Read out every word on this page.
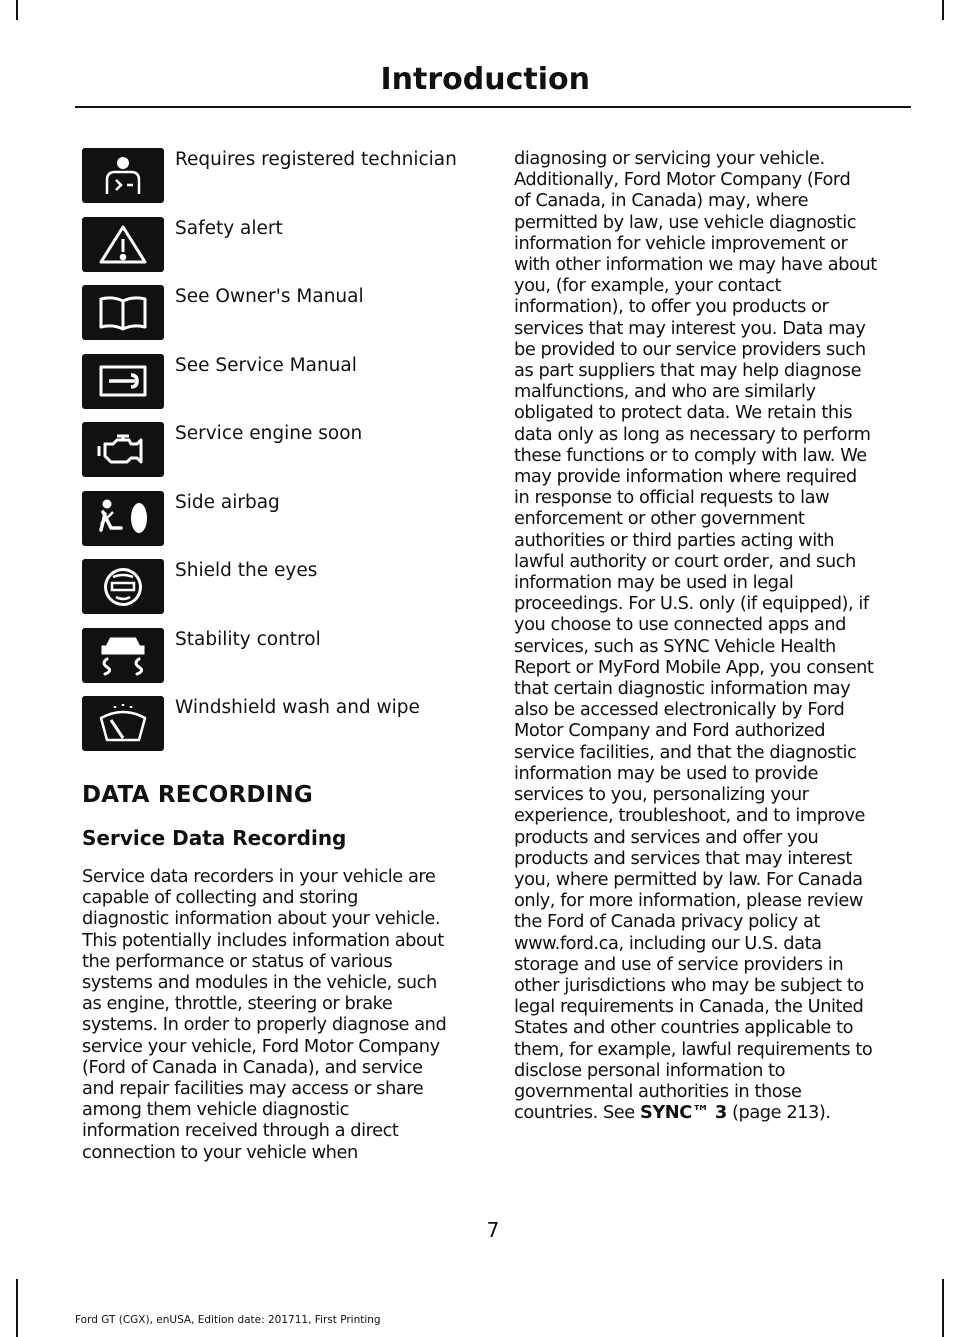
Introduction
Requires registered technician
Safety alert
See Owner's Manual
See Service Manual
Service engine soon
Side airbag
Shield the eyes
Stability control
Windshield wash and wipe
DATA RECORDING
Service Data Recording

Service data recorders in your vehicle are
capable of collecting and storing
diagnostic information about your vehicle.
This potentially includes information about
the performance or status of various
systems and modules in the vehicle, such
as engine, throttle, steering or brake
systems. In order to properly diagnose and
service your vehicle, Ford Motor Company
(Ford of Canada in Canada), and service
and repair facilities may access or share
among them vehicle diagnostic
information received through a direct
connection to your vehicle when

diagnosing or servicing your vehicle.
Additionally, Ford Motor Company (Ford
of Canada, in Canada) may, where
permitted by law, use vehicle diagnostic
information for vehicle improvement or
with other information we may have about
you, (for example, your contact
information), to offer you products or
services that may interest you. Data may
be provided to our service providers such
as part suppliers that may help diagnose
malfunctions, and who are similarly
obligated to protect data. We retain this
data only as long as necessary to perform
these functions or to comply with law. We
may provide information where required
in response to official requests to law
enforcement or other government
authorities or third parties acting with
lawful authority or court order, and such
information may be used in legal
proceedings. For U.S. only (if equipped), if
you choose to use connected apps and
services, such as SYNC Vehicle Health
Report or MyFord Mobile App, you consent
that certain diagnostic information may
also be accessed electronically by Ford
Motor Company and Ford authorized
service facilities, and that the diagnostic
information may be used to provide
services to you, personalizing your
experience, troubleshoot, and to improve
products and services and offer you
products and services that may interest
you, where permitted by law. For Canada
only, for more information, please review
the Ford of Canada privacy policy at
www.ford.ca, including our U.S. data
storage and use of service providers in
other jurisdictions who may be subject to
legal requirements in Canada, the United
States and other countries applicable to
them, for example, lawful requirements to
disclose personal information to
governmental authorities in those
countries. See SYNC™ 3 (page 213).

7
Ford GT (CGX), enUSA, Edition date: 201711, First Printing
